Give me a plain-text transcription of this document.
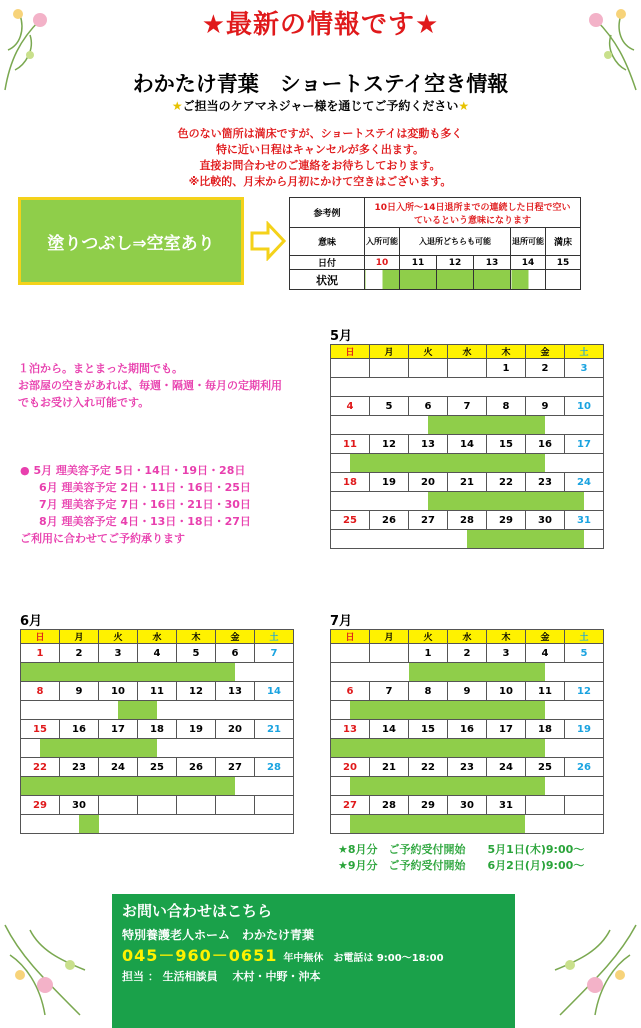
★最新の情報です★
わかたけ青葉　ショートステイ空き情報
★ご担当のケアマネジャー様を通じてご予約ください★
色のない箇所は満床ですが、ショートステイは変動も多く
特に近い日程はキャンセルが多く出ます。
直接お問合わせのご連絡をお待ちしております。
※比較的、月末から月初にかけて空きはございます。
塗りつぶし⇒空室あり
参考例	10日入所～14日退所までの連続した日程で空いているという意味になります					
意味	入所可能	入退所どちらも可能			退所可能	満床
日付	10	11	12	13	14	15
状況						
１泊から。まとまった期間でも。
お部屋の空きがあれば、毎週・隔週・毎月の定期利用
でもお受け入れ可能です。
● 5月 理美容予定 5日・14日・19日・28日
6月 理美容予定 2日・11日・16日・25日
7月 理美容予定 7日・16日・21日・30日
8月 理美容予定 4日・13日・18日・27日
ご利用に合わせてご予約承ります
5月
日	月	火	水	木	金	土
				1	2	3

4	5	6	7	8	9	10

11	12	13	14	15	16	17

18	19	20	21	22	23	24

25	26	27	28	29	30	31

6月
日	月	火	水	木	金	土
1	2	3	4	5	6	7

8	9	10	11	12	13	14

15	16	17	18	19	20	21

22	23	24	25	26	27	28

29	30					

7月
日	月	火	水	木	金	土
		1	2	3	4	5

6	7	8	9	10	11	12

13	14	15	16	17	18	19

20	21	22	23	24	25	26

27	28	29	30	31		

★8月分　ご予約受付開始　　 5月1日(木)9:00～
★9月分　ご予約受付開始　　 6月2日(月)9:00～
お問い合わせはこちら
特別養護老人ホーム　わかたけ青葉
045－960－0651 年中無休　お電話は 9:00～18:00
担当 ： 生活相談員　 木村・中野・沖本
